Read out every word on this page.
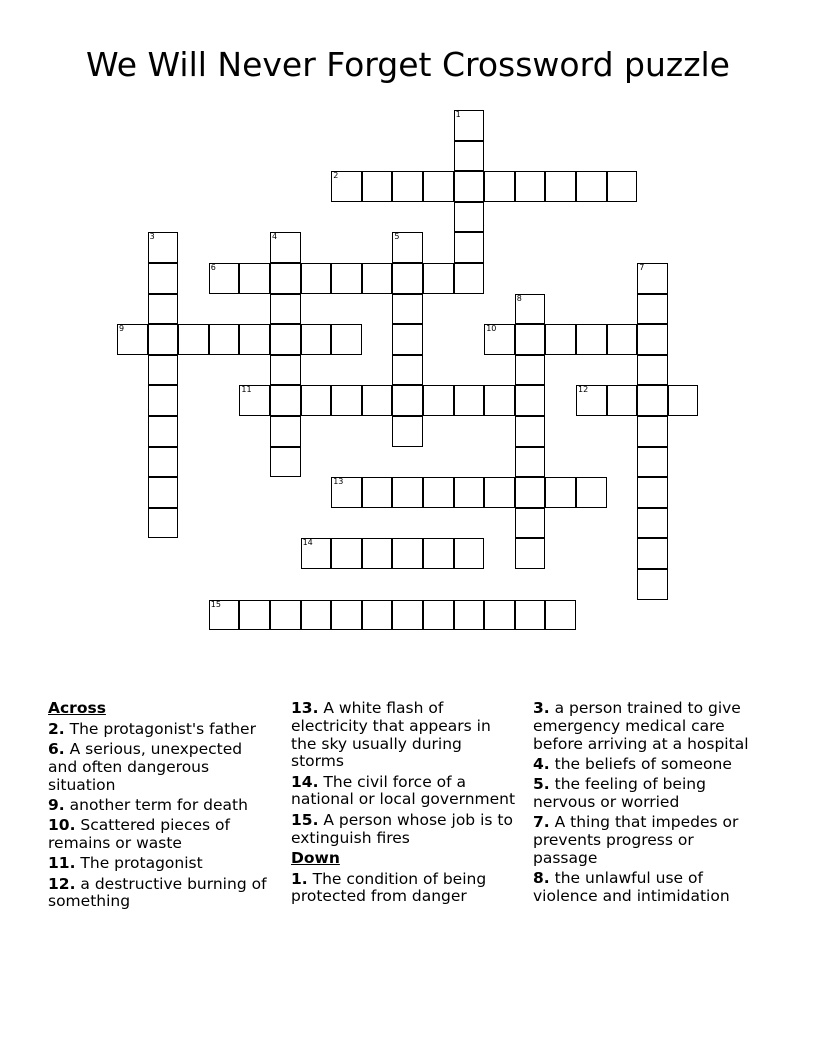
We Will Never Forget Crossword puzzle
1
2
3	4	5
6	7
8
9	10
11	12
13
14
15
Across
2. The protagonist's father
6. A serious, unexpected and often dangerous situation
9. another term for death
10. Scattered pieces of remains or waste
11. The protagonist
12. a destructive burning of something
13. A white flash of electricity that appears in the sky usually during storms
14. The civil force of a national or local government
15. A person whose job is to extinguish fires
Down
1. The condition of being protected from danger
3. a person trained to give emergency medical care before arriving at a hospital
4. the beliefs of someone
5. the feeling of being nervous or worried
7. A thing that impedes or prevents progress or passage
8. the unlawful use of violence and intimidation
